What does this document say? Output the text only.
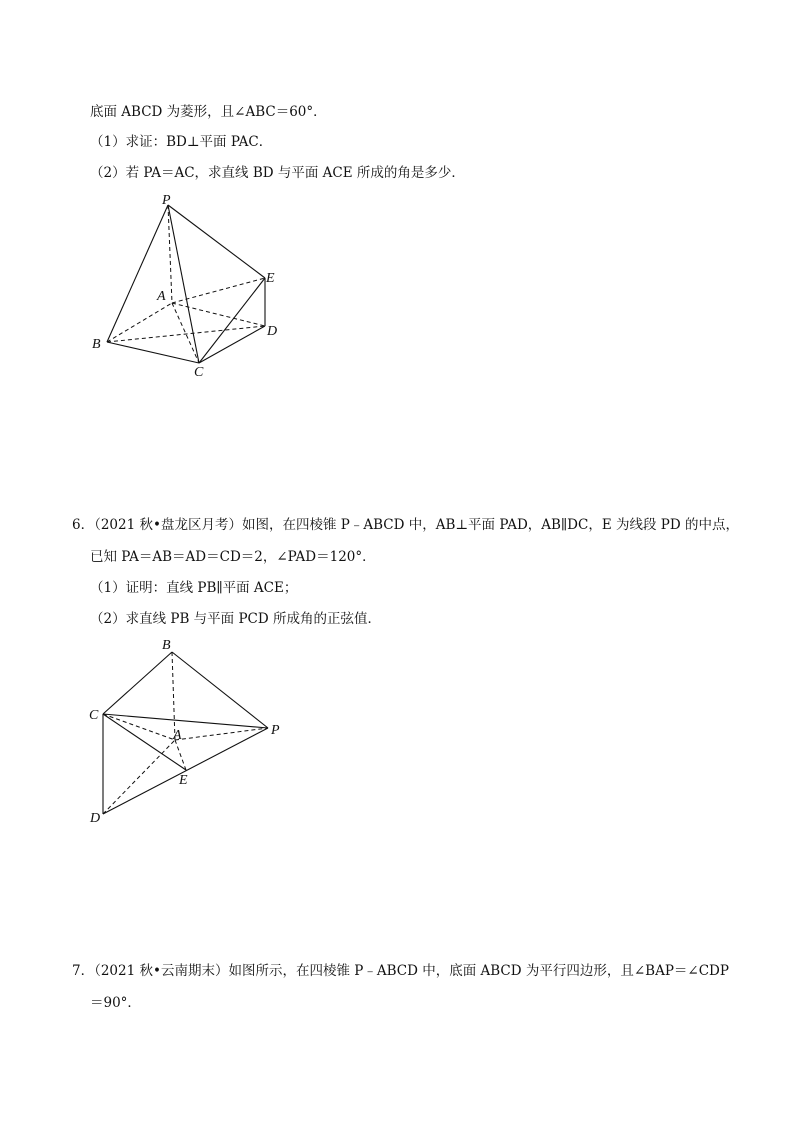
底面 ABCD 为菱形，且∠ABC＝60°．
（1）求证：BD⊥平面 PAC．
（2）若 PA＝AC，求直线 BD 与平面 ACE 所成的角是多少．
P
E
A
D
B
C
6．（2021 秋•盘龙区月考）如图，在四棱锥 P﹣ABCD 中，AB⊥平面 PAD，AB∥DC，E 为线段 PD 的中点，
已知 PA＝AB＝AD＝CD＝2，∠PAD＝120°．
（1）证明：直线 PB∥平面 ACE；
（2）求直线 PB 与平面 PCD 所成角的正弦值．
B
C
A	P
E
D
7．（2021 秋•云南期末）如图所示，在四棱锥 P﹣ABCD 中，底面 ABCD 为平行四边形，且∠BAP＝∠CDP
＝90°．
